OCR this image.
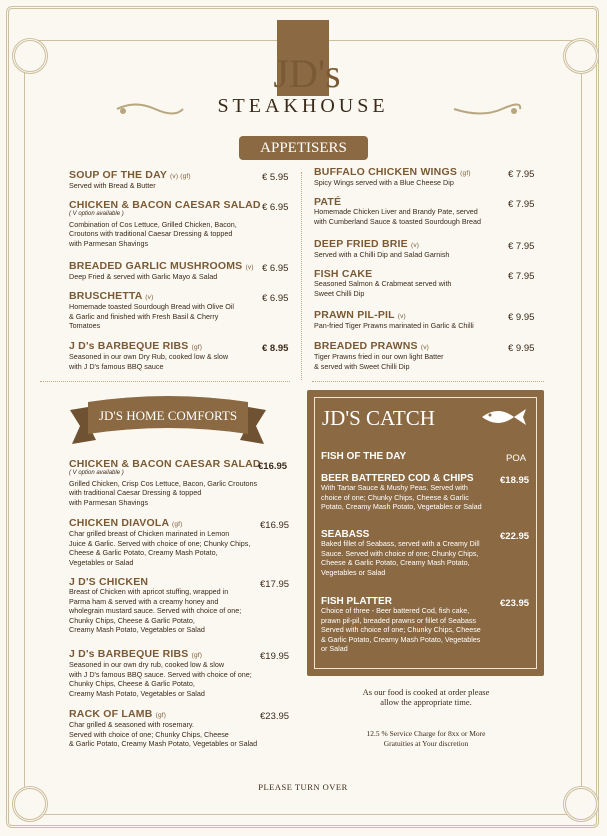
JD's
STEAKHOUSE
APPETISERS
SOUP OF THE DAY (v) (gf)
Served with Bread & Butter
€ 5.95
CHICKEN & BACON CAESAR SALAD
( V option available )
Combination of Cos Lettuce, Grilled Chicken, Bacon,
Croutons with traditional Caesar Dressing & topped
with Parmesan Shavings
€ 6.95
BREADED GARLIC MUSHROOMS (v)
Deep Fried & served with Garlic Mayo & Salad
€ 6.95
BRUSCHETTA (v)
Homemade toasted Sourdough Bread with Olive Oil
& Garlic and finished with Fresh Basil & Cherry
Tomatoes
€ 6.95
J D's BARBEQUE RIBS (gf)
Seasoned in our own Dry Rub, cooked low & slow
with J D's famous BBQ sauce
€ 8.95
BUFFALO CHICKEN WINGS (gf)
Spicy Wings served with a Blue Cheese Dip
€ 7.95
PATÉ
Homemade Chicken Liver and Brandy Pate, served
with Cumberland Sauce & toasted Sourdough Bread
€ 7.95
DEEP FRIED BRIE (v)
Served with a Chilli Dip and Salad Garnish
€ 7.95
FISH CAKE
Seasoned Salmon & Crabmeat served with
Sweet Chilli Dip
€ 7.95
PRAWN PIL-PIL (v)
Pan-fried Tiger Prawns marinated in Garlic & Chilli
€ 9.95
BREADED PRAWNS (v)
Tiger Prawns fried in our own light Batter
& served with Sweet Chilli Dip
€ 9.95
JD'S HOME COMFORTS
CHICKEN & BACON CAESAR SALAD
( V option available )
Grilled Chicken, Crisp Cos Lettuce, Bacon, Garlic Croutons
with traditional Caesar Dressing & topped
with Parmesan Shavings
€16.95
CHICKEN DIAVOLA (gf)
Char grilled breast of Chicken marinated in Lemon
Juice & Garlic. Served with choice of one; Chunky Chips,
Cheese & Garlic Potato, Creamy Mash Potato,
Vegetables or Salad
€16.95
J D'S CHICKEN
Breast of Chicken with apricot stuffing, wrapped in
Parma ham & served with a creamy honey and
wholegrain mustard sauce. Served with choice of one;
Chunky Chips, Cheese & Garlic Potato,
Creamy Mash Potato, Vegetables or Salad
€17.95
J D's BARBEQUE RIBS (gf)
Seasoned in our own dry rub, cooked low & slow
with J D's famous BBQ sauce. Served with choice of one;
Chunky Chips, Cheese & Garlic Potato,
Creamy Mash Potato, Vegetables or Salad
€19.95
RACK OF LAMB (gf)
Char grilled & seasoned with rosemary.
Served with choice of one; Chunky Chips, Cheese
& Garlic Potato, Creamy Mash Potato, Vegetables or Salad
€23.95
JD'S CATCH
FISH OF THE DAY	POA
BEER BATTERED COD & CHIPS
With Tartar Sauce & Mushy Peas. Served with
choice of one; Chunky Chips, Cheese & Garlic
Potato, Creamy Mash Potato, Vegetables or Salad
€18.95
SEABASS
Baked fillet of Seabass, served with a Creamy Dill
Sauce. Served with choice of one; Chunky Chips,
Cheese & Garlic Potato, Creamy Mash Potato,
Vegetables or Salad
€22.95
FISH PLATTER
Choice of three - Beer battered Cod, fish cake,
prawn pil-pil, breaded prawns or fillet of Seabass
Served with choice of one; Chunky Chips, Cheese
& Garlic Potato, Creamy Mash Potato, Vegetables
or Salad
€23.95
As our food is cooked at order please
allow the appropriate time.
12.5 % Service Charge for 8xx or More
Gratuities at Your discretion
PLEASE TURN OVER
